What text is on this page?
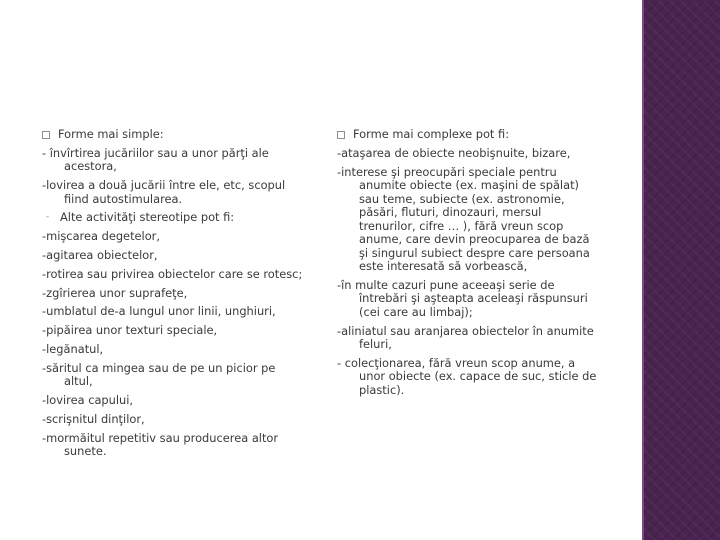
Forme mai simple:
- învîrtirea jucăriilor sau a unor părţi ale acestora,
-lovirea a două jucării între ele, etc, scopul fiind autostimularea.
- Alte activităţi stereotipe pot fi:
-mişcarea degetelor,
-agitarea obiectelor,
-rotirea sau privirea obiectelor care se rotesc;
-zgîrierea unor suprafeţe,
-umblatul de-a lungul unor linii, unghiuri,
-pipăirea unor texturi speciale,
-legănatul,
-săritul ca mingea sau de pe un picior pe altul,
-lovirea capului,
-scrişnitul dinţilor,
-mormăitul repetitiv sau producerea altor sunete.
Forme mai complexe pot fi:
-ataşarea de obiecte neobişnuite, bizare,
-interese şi preocupări speciale pentru anumite obiecte (ex. maşini de spălat) sau teme, subiecte (ex. astronomie, păsări, fluturi, dinozauri, mersul trenurilor, cifre … ), fără vreun scop anume, care devin preocuparea de bază şi singurul subiect despre care persoana este interesată să vorbească,
-în multe cazuri pune aceeaşi serie de întrebări şi aşteapta aceleaşi răspunsuri (cei care au limbaj);
-aliniatul sau aranjarea obiectelor în anumite feluri,
- colecţionarea, fără vreun scop anume, a unor obiecte (ex. capace de suc, sticle de plastic).
